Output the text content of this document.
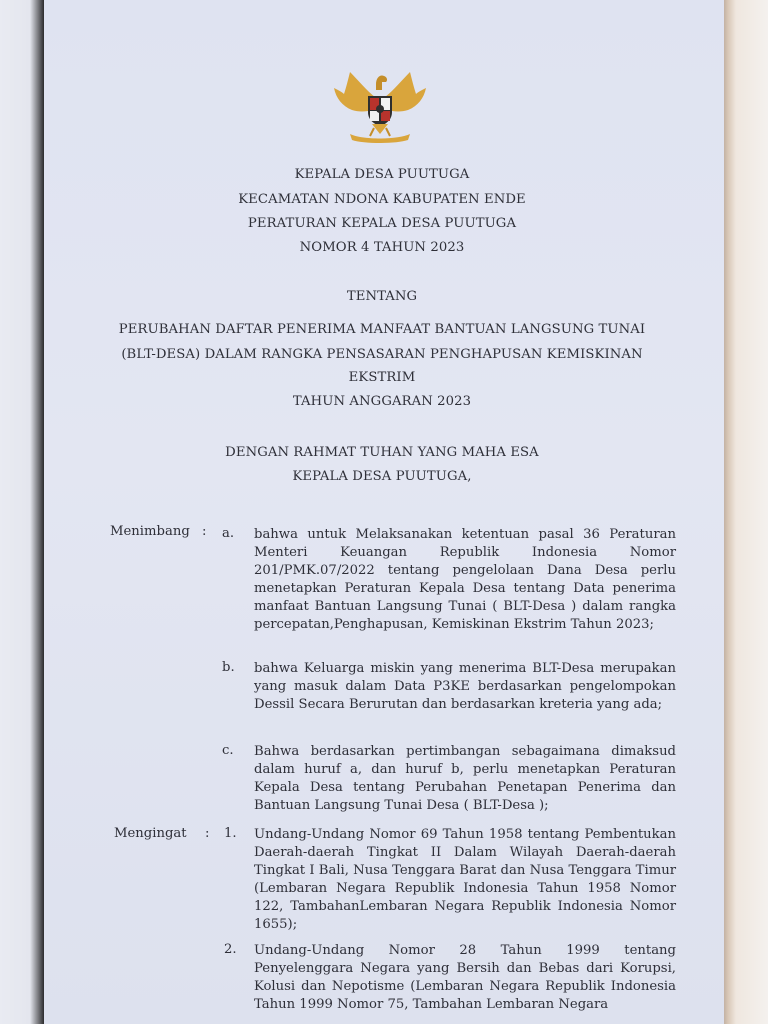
KEPALA DESA PUUTUGA
KECAMATAN NDONA KABUPATEN ENDE
PERATURAN KEPALA DESA PUUTUGA
NOMOR 4 TAHUN 2023
TENTANG
PERUBAHAN DAFTAR PENERIMA MANFAAT BANTUAN LANGSUNG TUNAI
(BLT-DESA) DALAM RANGKA PENSASARAN PENGHAPUSAN KEMISKINAN
EKSTRIM
TAHUN ANGGARAN 2023
DENGAN RAHMAT TUHAN YANG MAHA ESA
KEPALA DESA PUUTUGA,
Menimbang : a. bahwa untuk Melaksanakan ketentuan pasal 36 Peraturan Menteri Keuangan Republik Indonesia Nomor 201/PMK.07/2022 tentang pengelolaan Dana Desa perlu menetapkan Peraturan Kepala Desa tentang Data penerima manfaat Bantuan Langsung Tunai ( BLT-Desa ) dalam rangka percepatan,Penghapusan, Kemiskinan Ekstrim Tahun 2023;
b. bahwa Keluarga miskin yang menerima BLT-Desa merupakan yang masuk dalam Data P3KE berdasarkan pengelompokan Dessil Secara Berurutan dan berdasarkan kreteria yang ada;
c. Bahwa berdasarkan pertimbangan sebagaimana dimaksud dalam huruf a, dan huruf b, perlu menetapkan Peraturan Kepala Desa tentang Perubahan Penetapan Penerima dan Bantuan Langsung Tunai Desa ( BLT-Desa );
Mengingat : 1. Undang-Undang Nomor 69 Tahun 1958 tentang Pembentukan Daerah-daerah Tingkat II Dalam Wilayah Daerah-daerah Tingkat I Bali, Nusa Tenggara Barat dan Nusa Tenggara Timur (Lembaran Negara Republik Indonesia Tahun 1958 Nomor 122, TambahanLembaran Negara Republik Indonesia Nomor 1655);
2. Undang-Undang Nomor 28 Tahun 1999 tentang Penyelenggara Negara yang Bersih dan Bebas dari Korupsi, Kolusi dan Nepotisme (Lembaran Negara Republik Indonesia Tahun 1999 Nomor 75, Tambahan Lembaran Negara
